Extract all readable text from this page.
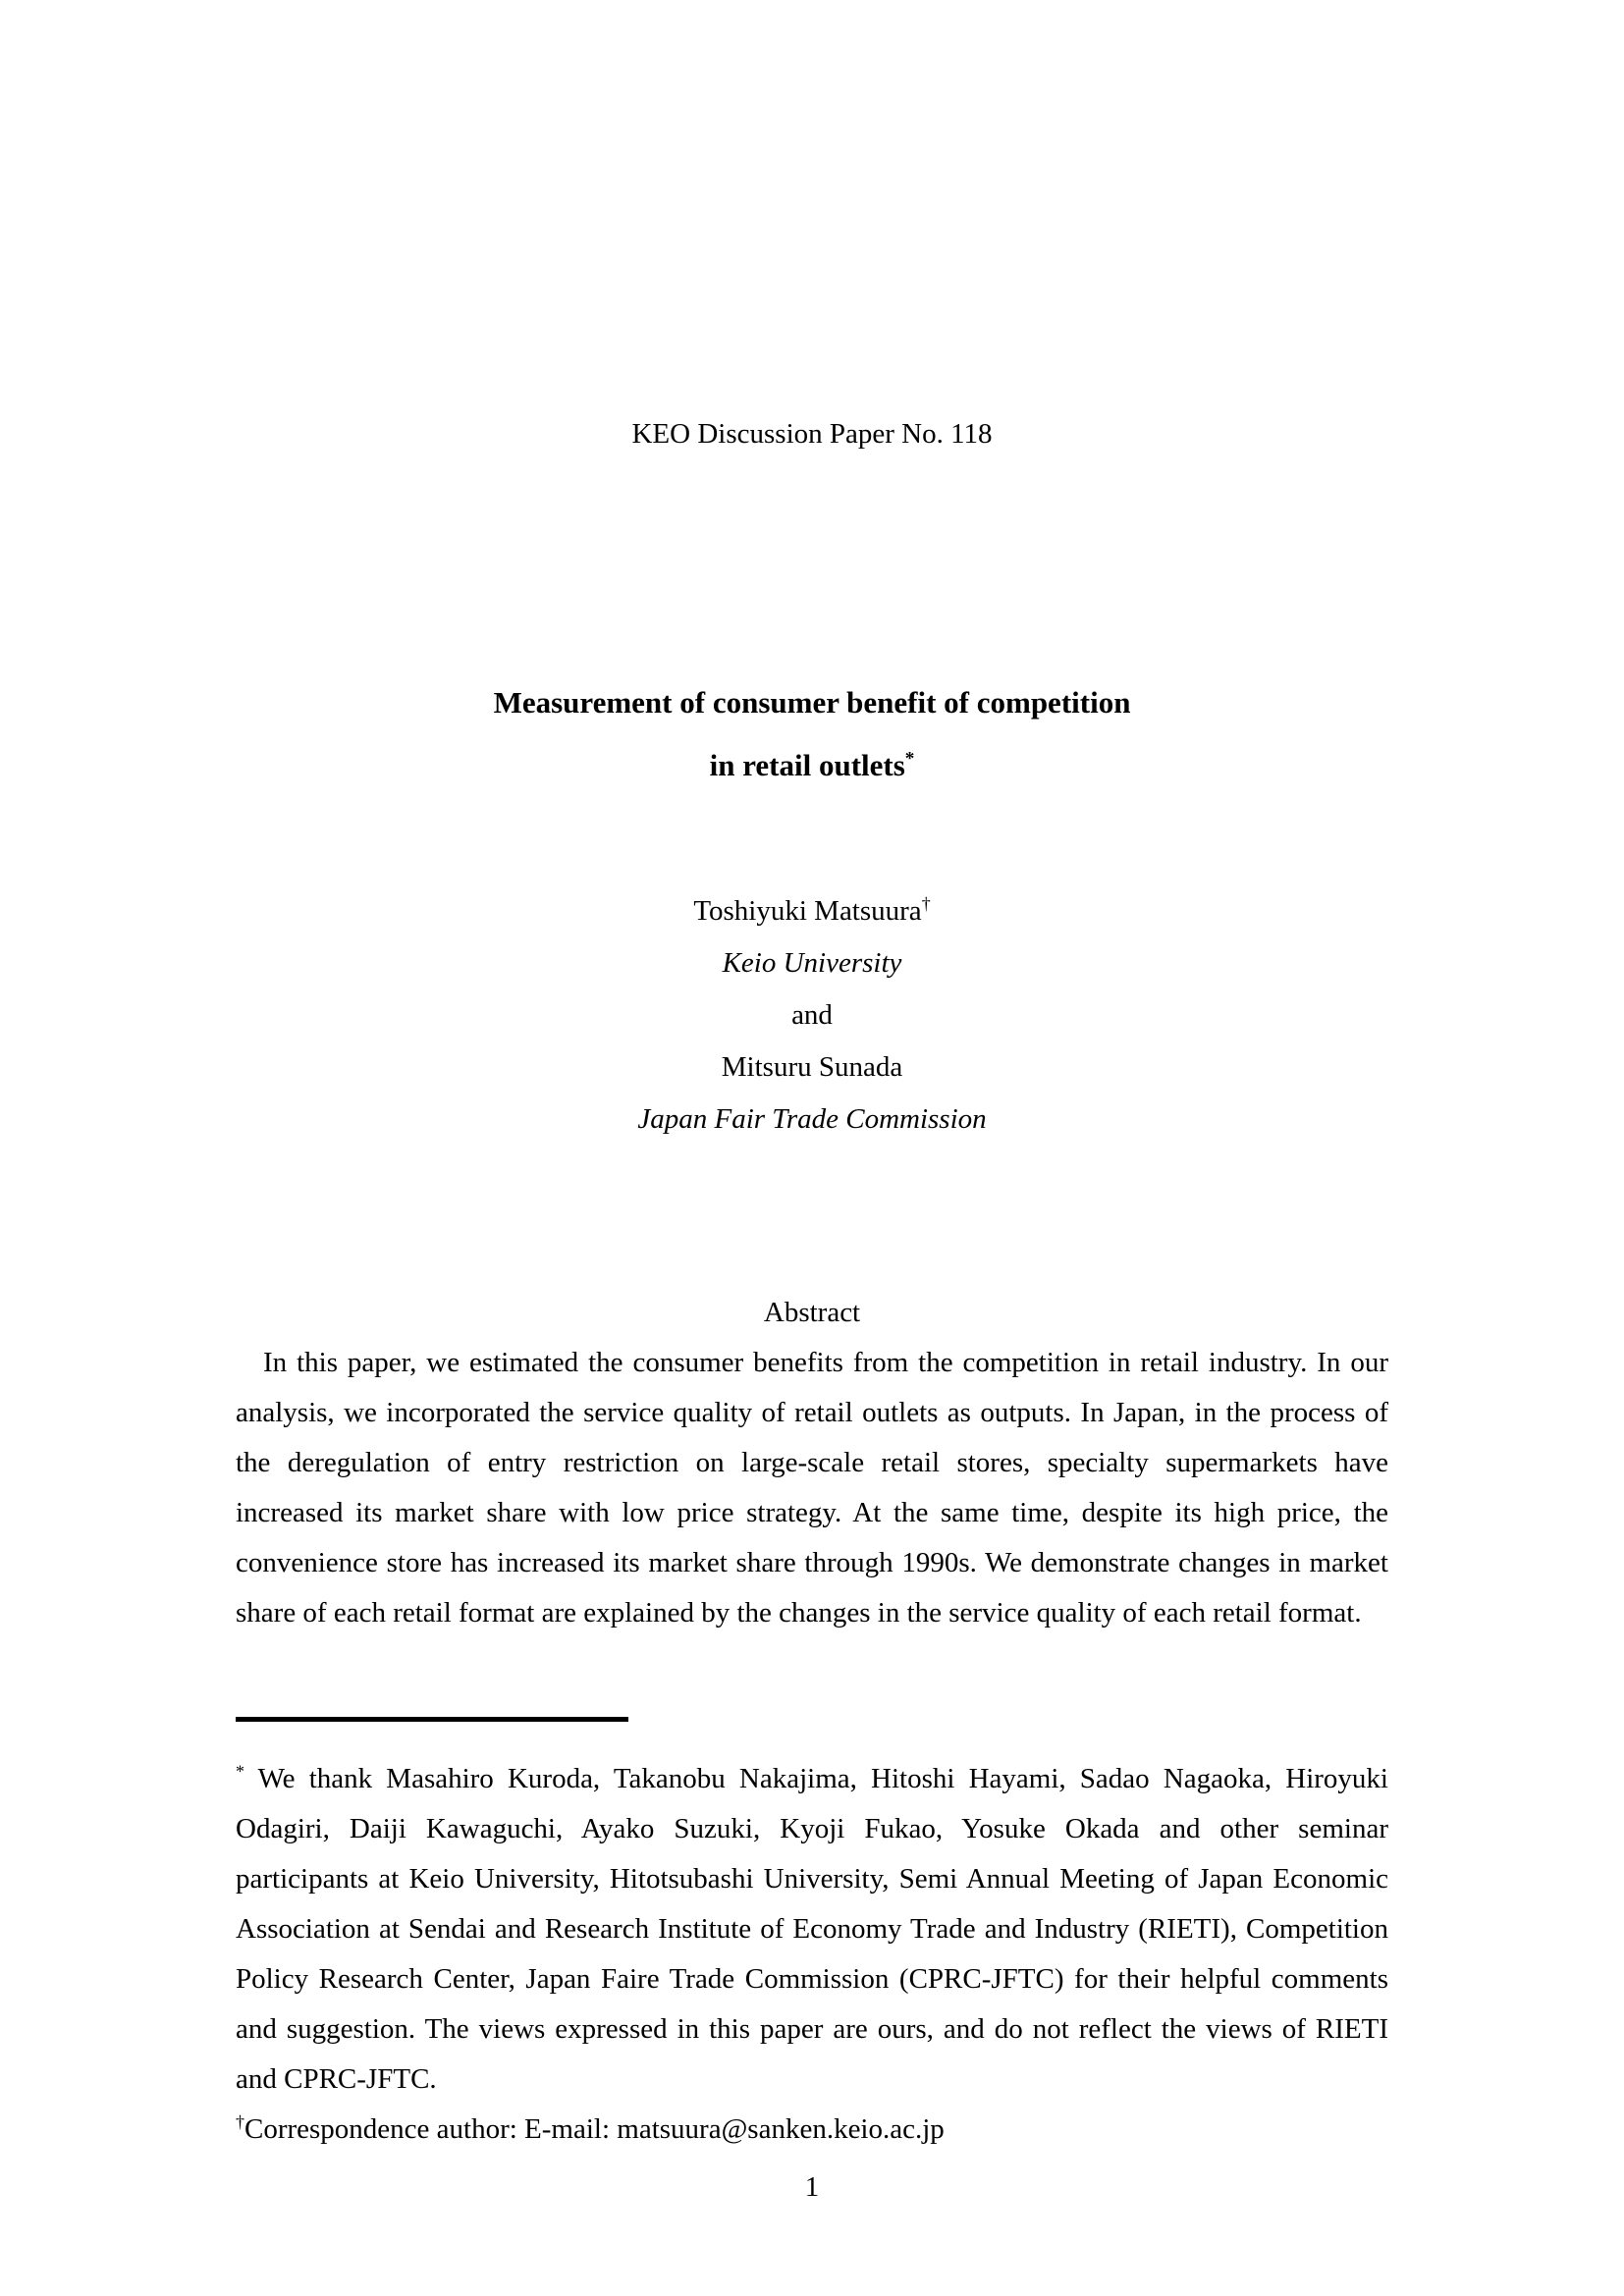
KEO Discussion Paper No. 118
Measurement of consumer benefit of competition
in retail outlets*
Toshiyuki Matsuura†
Keio University
and
Mitsuru Sunada
Japan Fair Trade Commission
Abstract

In this paper, we estimated the consumer benefits from the competition in retail industry. In our analysis, we incorporated the service quality of retail outlets as outputs. In Japan, in the process of the deregulation of entry restriction on large-scale retail stores, specialty supermarkets have increased its market share with low price strategy. At the same time, despite its high price, the convenience store has increased its market share through 1990s. We demonstrate changes in market share of each retail format are explained by the changes in the service quality of each retail format.

* We thank Masahiro Kuroda, Takanobu Nakajima, Hitoshi Hayami, Sadao Nagaoka, Hiroyuki Odagiri, Daiji Kawaguchi, Ayako Suzuki, Kyoji Fukao, Yosuke Okada and other seminar participants at Keio University, Hitotsubashi University, Semi Annual Meeting of Japan Economic Association at Sendai and Research Institute of Economy Trade and Industry (RIETI), Competition Policy Research Center, Japan Faire Trade Commission (CPRC-JFTC) for their helpful comments and suggestion. The views expressed in this paper are ours, and do not reflect the views of RIETI and CPRC-JFTC.

†Correspondence author: E-mail: matsuura@sanken.keio.ac.jp

1
